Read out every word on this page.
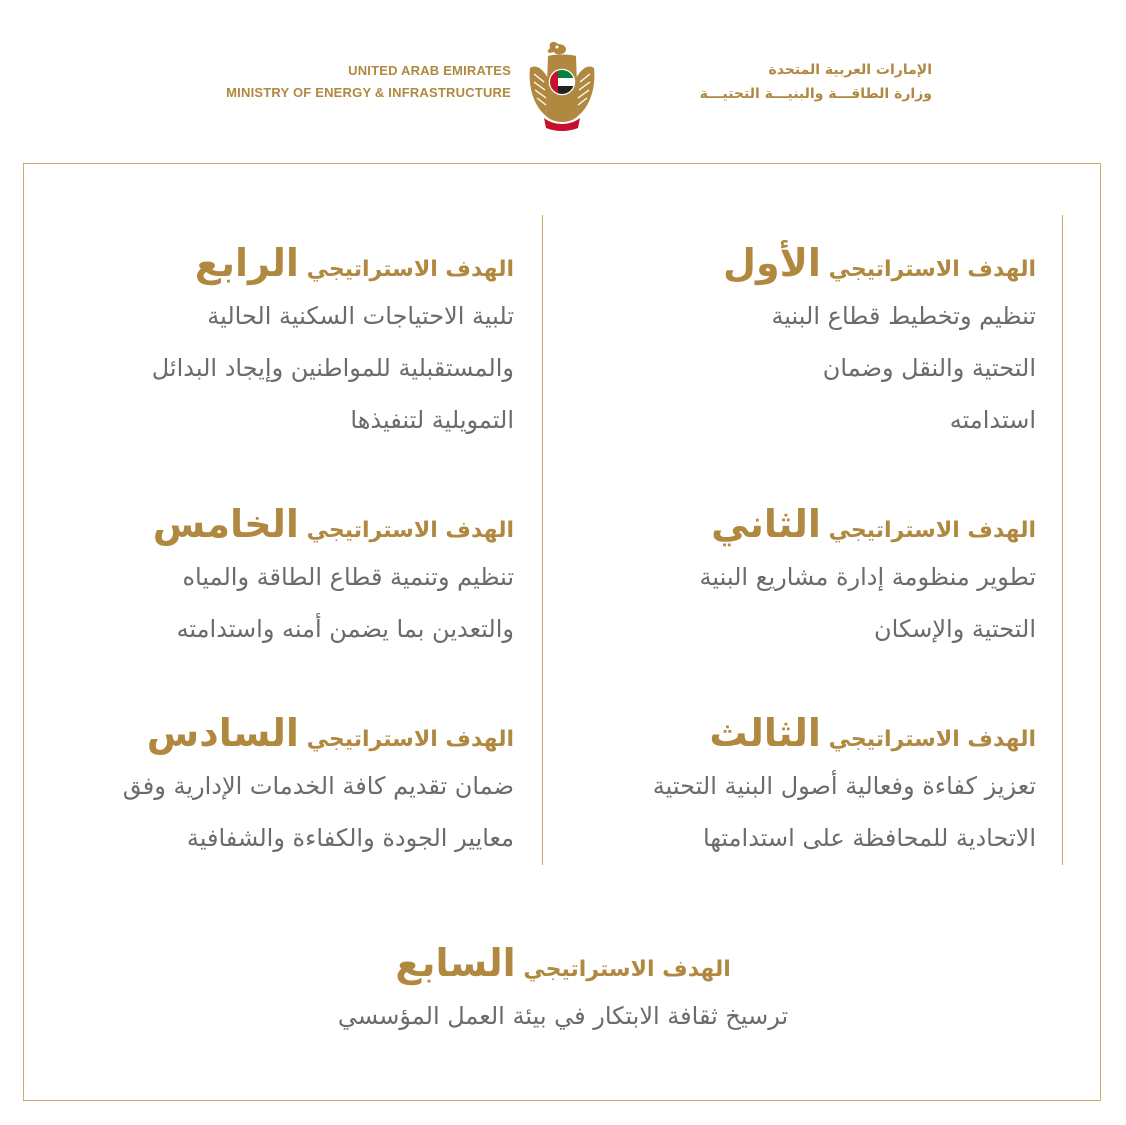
UNITED ARAB EMIRATES
MINISTRY OF ENERGY & INFRASTRUCTURE
الإمارات العربية المتحدة
وزارة الطاقـــة والبنيـــة التحتيـــة
الهدف الاستراتيجي الأول
تنظيم وتخطيط قطاع البنية
التحتية والنقل وضمان
استدامته
الهدف الاستراتيجي الثاني
تطوير منظومة إدارة مشاريع البنية
التحتية والإسكان
الهدف الاستراتيجي الثالث
تعزيز كفاءة وفعالية أصول البنية التحتية
الاتحادية للمحافظة على استدامتها
الهدف الاستراتيجي الرابع
تلبية الاحتياجات السكنية الحالية
والمستقبلية للمواطنين وإيجاد البدائل
التمويلية لتنفيذها
الهدف الاستراتيجي الخامس
تنظيم وتنمية قطاع الطاقة والمياه
والتعدين بما يضمن أمنه واستدامته
الهدف الاستراتيجي السادس
ضمان تقديم كافة الخدمات الإدارية وفق
معايير الجودة والكفاءة والشفافية
الهدف الاستراتيجي السابع
ترسيخ ثقافة الابتكار في بيئة العمل المؤسسي
